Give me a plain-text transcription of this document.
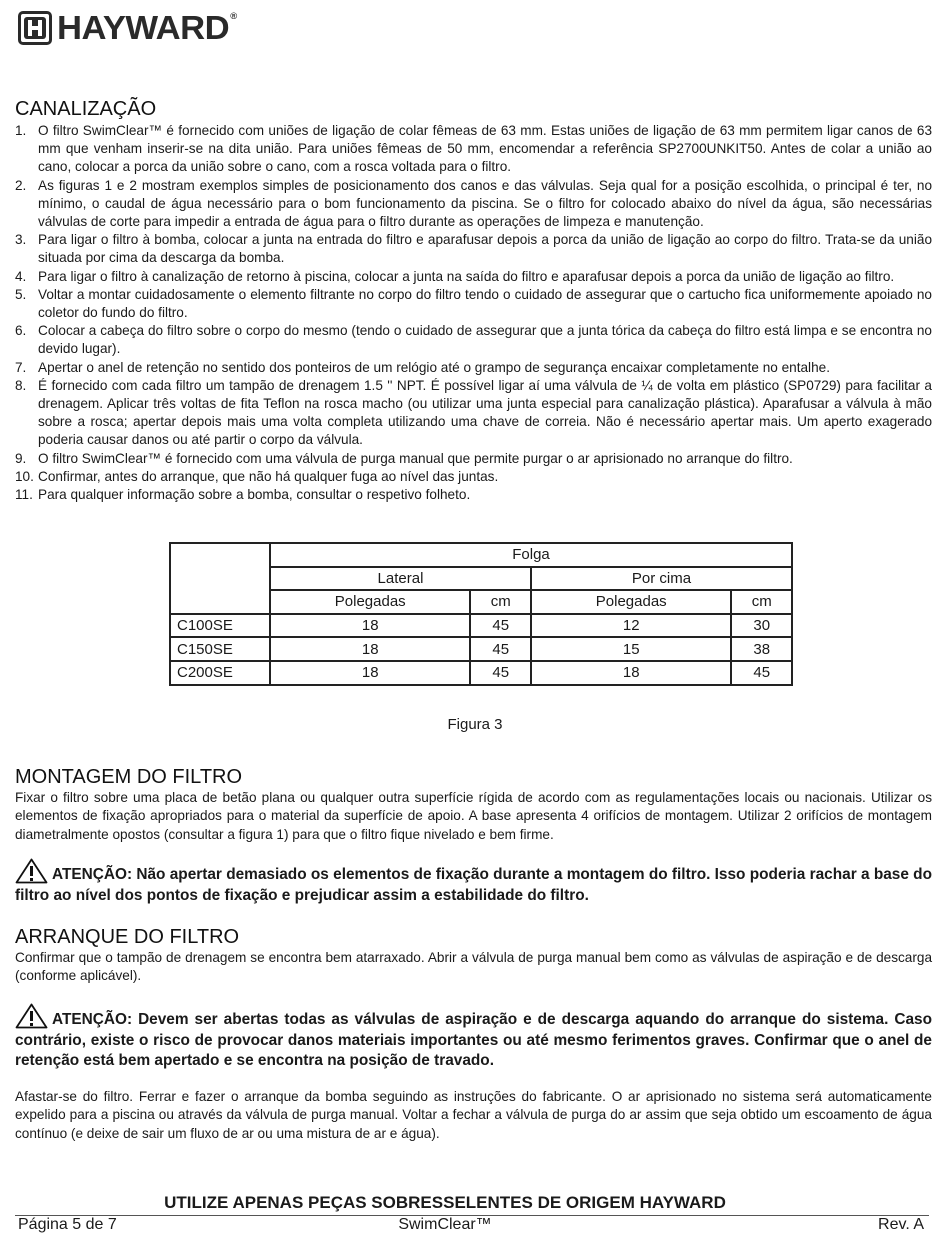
HAYWARD®
CANALIZAÇÃO
1. O filtro SwimClear™ é fornecido com uniões de ligação de colar fêmeas de 63 mm. Estas uniões de ligação de 63 mm permitem ligar canos de 63 mm que venham inserir-se na dita união. Para uniões fêmeas de 50 mm, encomendar a referência SP2700UNKIT50. Antes de colar a união ao cano, colocar a porca da união sobre o cano, com a rosca voltada para o filtro.
2. As figuras 1 e 2 mostram exemplos simples de posicionamento dos canos e das válvulas. Seja qual for a posição escolhida, o principal é ter, no mínimo, o caudal de água necessário para o bom funcionamento da piscina. Se o filtro for colocado abaixo do nível da água, são necessárias válvulas de corte para impedir a entrada de água para o filtro durante as operações de limpeza e manutenção.
3. Para ligar o filtro à bomba, colocar a junta na entrada do filtro e aparafusar depois a porca da união de ligação ao corpo do filtro. Trata-se da união situada por cima da descarga da bomba.
4. Para ligar o filtro à canalização de retorno à piscina, colocar a junta na saída do filtro e aparafusar depois a porca da união de ligação ao filtro.
5. Voltar a montar cuidadosamente o elemento filtrante no corpo do filtro tendo o cuidado de assegurar que o cartucho fica uniformemente apoiado no coletor do fundo do filtro.
6. Colocar a cabeça do filtro sobre o corpo do mesmo (tendo o cuidado de assegurar que a junta tórica da cabeça do filtro está limpa e se encontra no devido lugar).
7. Apertar o anel de retenção no sentido dos ponteiros de um relógio até o grampo de segurança encaixar completamente no entalhe.
8. É fornecido com cada filtro um tampão de drenagem 1.5 '' NPT. É possível ligar aí uma válvula de ¼ de volta em plástico (SP0729) para facilitar a drenagem. Aplicar três voltas de fita Teflon na rosca macho (ou utilizar uma junta especial para canalização plástica). Aparafusar a válvula à mão sobre a rosca; apertar depois mais uma volta completa utilizando uma chave de correia. Não é necessário apertar mais. Um aperto exagerado poderia causar danos ou até partir o corpo da válvula.
9. O filtro SwimClear™ é fornecido com uma válvula de purga manual que permite purgar o ar aprisionado no arranque do filtro.
10. Confirmar, antes do arranque, que não há qualquer fuga ao nível das juntas.
11. Para qualquer informação sobre a bomba, consultar o respetivo folheto.
	Folga			
	Lateral		Por cima	
	Polegadas	cm	Polegadas	cm
C100SE	18	45	12	30
C150SE	18	45	15	38
C200SE	18	45	18	45
Figura 3
MONTAGEM DO FILTRO

Fixar o filtro sobre uma placa de betão plana ou qualquer outra superfície rígida de acordo com as regulamentações locais ou nacionais. Utilizar os elementos de fixação apropriados para o material da superfície de apoio. A base apresenta 4 orifícios de montagem. Utilizar 2 orifícios de montagem diametralmente opostos (consultar a figura 1) para que o filtro fique nivelado e bem firme.

ATENÇÃO: Não apertar demasiado os elementos de fixação durante a montagem do filtro. Isso poderia rachar a base do filtro ao nível dos pontos de fixação e prejudicar assim a estabilidade do filtro.

ARRANQUE DO FILTRO

Confirmar que o tampão de drenagem se encontra bem atarraxado. Abrir a válvula de purga manual bem como as válvulas de aspiração e de descarga (conforme aplicável).

ATENÇÃO: Devem ser abertas todas as válvulas de aspiração e de descarga aquando do arranque do sistema. Caso contrário, existe o risco de provocar danos materiais importantes ou até mesmo ferimentos graves. Confirmar que o anel de retenção está bem apertado e se encontra na posição de travado.

Afastar-se do filtro. Ferrar e fazer o arranque da bomba seguindo as instruções do fabricante. O ar aprisionado no sistema será automaticamente expelido para a piscina ou através da válvula de purga manual. Voltar a fechar a válvula de purga do ar assim que seja obtido um escoamento de água contínuo (e deixe de sair um fluxo de ar ou uma mistura de ar e água).

UTILIZE APENAS PEÇAS SOBRESSELENTES DE ORIGEM HAYWARD
Página 5 de 7	SwimClear™	Rev. A
